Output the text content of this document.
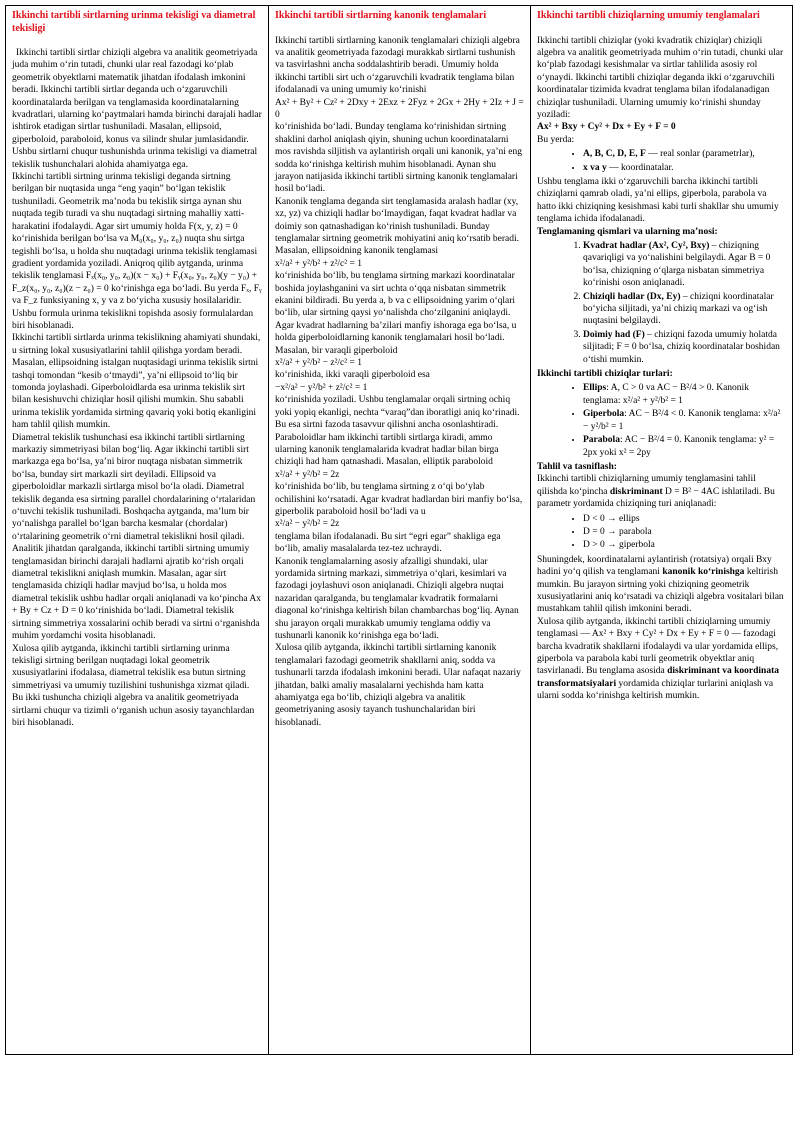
Ikkinchi tartibli sirtlarning urinma tekisligi va diametral tekisligi

Ikkinchi tartibli sirtlar chiziqli algebra va analitik geometriyada juda muhim oʻrin tutadi, chunki ular real fazodagi koʻplab geometrik obyektlarni matematik jihatdan ifodalash imkonini beradi. Ikkinchi tartibli sirtlar deganda uch oʻzgaruvchili koordinatalarda berilgan va tenglamasida koordinatalarning kvadratlari, ularning koʻpaytmalari hamda birinchi darajali hadlar ishtirok etadigan sirtlar tushuniladi. Masalan, ellipsoid, giperboloid, paraboloid, konus va silindr shular jumlasidandir. Ushbu sirtlarni chuqur tushunishda urinma tekisligi va diametral tekislik tushunchalari alohida ahamiyatga ega.

Ikkinchi tartibli sirtning urinma tekisligi deganda sirtning berilgan bir nuqtasida unga “eng yaqin” boʻlgan tekislik tushuniladi. Geometrik maʼnoda bu tekislik sirtga aynan shu nuqtada tegib turadi va shu nuqtadagi sirtning mahalliy xatti-harakatini ifodalaydi. Agar sirt umumiy holda F(x, y, z) = 0 koʻrinishida berilgan boʻlsa va M₀(x₀, y₀, z₀) nuqta shu sirtga tegishli boʻlsa, u holda shu nuqtadagi urinma tekislik tenglamasi gradient yordamida yoziladi. Aniqroq qilib aytganda, urinma tekislik tenglamasi Fₓ(x₀, y₀, z₀)(x − x₀) + Fᵧ(x₀, y₀, z₀)(y − y₀) + F_z(x₀, y₀, z₀)(z − z₀) = 0 koʻrinishga ega boʻladi. Bu yerda Fₓ, Fᵧ va F_z funksiyaning x, y va z boʻyicha xususiy hosilalaridir. Ushbu formula urinma tekislikni topishda asosiy formulalardan biri hisoblanadi.

Ikkinchi tartibli sirtlarda urinma tekislikning ahamiyati shundaki, u sirtning lokal xususiyatlarini tahlil qilishga yordam beradi. Masalan, ellipsoidning istalgan nuqtasidagi urinma tekislik sirtni tashqi tomondan “kesib oʻtmaydi”, yaʼni ellipsoid toʻliq bir tomonda joylashadi. Giperboloidlarda esa urinma tekislik sirt bilan kesishuvchi chiziqlar hosil qilishi mumkin. Shu sababli urinma tekislik yordamida sirtning qavariq yoki botiq ekanligini ham tahlil qilish mumkin.

Diametral tekislik tushunchasi esa ikkinchi tartibli sirtlarning markaziy simmetriyasi bilan bogʻliq. Agar ikkinchi tartibli sirt markazga ega boʻlsa, yaʼni biror nuqtaga nisbatan simmetrik boʻlsa, bunday sirt markazli sirt deyiladi. Ellipsoid va giperboloidlar markazli sirtlarga misol boʻla oladi. Diametral tekislik deganda esa sirtning parallel chordalarining oʻrtalaridan oʻtuvchi tekislik tushuniladi. Boshqacha aytganda, maʼlum bir yoʻnalishga parallel boʻlgan barcha kesmalar (chordalar) oʻrtalarining geometrik oʻrni diametral tekislikni hosil qiladi.

Analitik jihatdan qaralganda, ikkinchi tartibli sirtning umumiy tenglamasidan birinchi darajali hadlarni ajratib koʻrish orqali diametral tekislikni aniqlash mumkin. Masalan, agar sirt tenglamasida chiziqli hadlar mavjud boʻlsa, u holda mos diametral tekislik ushbu hadlar orqali aniqlanadi va koʻpincha Ax + By + Cz + D = 0 koʻrinishida boʻladi. Diametral tekislik sirtning simmetriya xossalarini ochib beradi va sirtni oʻrganishda muhim yordamchi vosita hisoblanadi.

Xulosa qilib aytganda, ikkinchi tartibli sirtlarning urinma tekisligi sirtning berilgan nuqtadagi lokal geometrik xususiyatlarini ifodalasa, diametral tekislik esa butun sirtning simmetriyasi va umumiy tuzilishini tushunishga xizmat qiladi. Bu ikki tushuncha chiziqli algebra va analitik geometriyada sirtlarni chuqur va tizimli oʻrganish uchun asosiy tayanchlardan biri hisoblanadi.

Ikkinchi tartibli sirtlarning kanonik tenglamalari

Ikkinchi tartibli sirtlarning kanonik tenglamalari chiziqli algebra va analitik geometriyada fazodagi murakkab sirtlarni tushunish va tasvirlashni ancha soddalashtirib beradi. Umumiy holda ikkinchi tartibli sirt uch oʻzgaruvchili kvadratik tenglama bilan ifodalanadi va uning umumiy koʻrinishi

Ax² + By² + Cz² + 2Dxy + 2Exz + 2Fyz + 2Gx + 2Hy + 2Iz + J = 0

koʻrinishida boʻladi. Bunday tenglama koʻrinishidan sirtning shaklini darhol aniqlash qiyin, shuning uchun koordinatalarni mos ravishda siljitish va aylantirish orqali uni kanonik, yaʼni eng sodda koʻrinishga keltirish muhim hisoblanadi. Aynan shu jarayon natijasida ikkinchi tartibli sirtning kanonik tenglamalari hosil boʻladi.

Kanonik tenglama deganda sirt tenglamasida aralash hadlar (xy, xz, yz) va chiziqli hadlar boʻlmaydigan, faqat kvadrat hadlar va doimiy son qatnashadigan koʻrinish tushuniladi. Bunday tenglamalar sirtning geometrik mohiyatini aniq koʻrsatib beradi. Masalan, ellipsoidning kanonik tenglamasi

x²/a² + y²/b² + z²/c² = 1

koʻrinishida boʻlib, bu tenglama sirtning markazi koordinatalar boshida joylashganini va sirt uchta oʻqqa nisbatan simmetrik ekanini bildiradi. Bu yerda a, b va c ellipsoidning yarim oʻqlari boʻlib, ular sirtning qaysi yoʻnalishda choʻzilganini aniqlaydi.

Agar kvadrat hadlarning baʼzilari manfiy ishoraga ega boʻlsa, u holda giperboloidlarning kanonik tenglamalari hosil boʻladi. Masalan, bir varaqli giperboloid

x²/a² + y²/b² − z²/c² = 1

koʻrinishida, ikki varaqli giperboloid esa

−x²/a² − y²/b² + z²/c² = 1

koʻrinishida yoziladi. Ushbu tenglamalar orqali sirtning ochiq yoki yopiq ekanligi, nechta “varaq”dan iboratligi aniq koʻrinadi. Bu esa sirtni fazoda tasavvur qilishni ancha osonlashtiradi.

Paraboloidlar ham ikkinchi tartibli sirtlarga kiradi, ammo ularning kanonik tenglamalarida kvadrat hadlar bilan birga chiziqli had ham qatnashadi. Masalan, elliptik paraboloid

x²/a² + y²/b² = 2z

koʻrinishida boʻlib, bu tenglama sirtning z oʻqi boʻylab ochilishini koʻrsatadi. Agar kvadrat hadlardan biri manfiy boʻlsa, giperbolik paraboloid hosil boʻladi va u

x²/a² − y²/b² = 2z

tenglama bilan ifodalanadi. Bu sirt “egri egar” shakliga ega boʻlib, amaliy masalalarda tez-tez uchraydi.

Kanonik tenglamalarning asosiy afzalligi shundaki, ular yordamida sirtning markazi, simmetriya oʻqlari, kesimlari va fazodagi joylashuvi oson aniqlanadi. Chiziqli algebra nuqtai nazaridan qaralganda, bu tenglamalar kvadratik formalarni diagonal koʻrinishga keltirish bilan chambarchas bogʻliq. Aynan shu jarayon orqali murakkab umumiy tenglama oddiy va tushunarli kanonik koʻrinishga ega boʻladi.

Xulosa qilib aytganda, ikkinchi tartibli sirtlarning kanonik tenglamalari fazodagi geometrik shakllarni aniq, sodda va tushunarli tarzda ifodalash imkonini beradi. Ular nafaqat nazariy jihatdan, balki amaliy masalalarni yechishda ham katta ahamiyatga ega boʻlib, chiziqli algebra va analitik geometriyaning asosiy tayanch tushunchalaridan biri hisoblanadi.

Ikkinchi tartibli chiziqlarning umumiy tenglamalari

Ikkinchi tartibli chiziqlar (yoki kvadratik chiziqlar) chiziqli algebra va analitik geometriyada muhim oʻrin tutadi, chunki ular koʻplab fazodagi kesishmalar va sirtlar tahlilida asosiy rol oʻynaydi. Ikkinchi tartibli chiziqlar deganda ikki oʻzgaruvchili koordinatalar tizimida kvadrat tenglama bilan ifodalanadigan chiziqlar tushuniladi. Ularning umumiy koʻrinishi shunday yoziladi:

Ax² + Bxy + Cy² + Dx + Ey + F = 0

Bu yerda:

• A, B, C, D, E, F — real sonlar (parametrlar),
• x va y — koordinatalar.

Ushbu tenglama ikki oʻzgaruvchili barcha ikkinchi tartibli chiziqlarni qamrab oladi, yaʼni ellips, giperbola, parabola va hatto ikki chiziqning kesishmasi kabi turli shakllar shu umumiy tenglama ichida ifodalanadi.

Tenglamaning qismlari va ularning maʼnosi:

1. Kvadrat hadlar (Ax², Cy², Bxy) – chiziqning qavariqligi va yoʻnalishini belgilaydi. Agar B = 0 boʻlsa, chiziqning oʻqlarga nisbatan simmetriya koʻrinishi oson aniqlanadi.
2. Chiziqli hadlar (Dx, Ey) – chiziqni koordinatalar boʻyicha siljitadi, yaʼni chiziq markazi va ogʻish nuqtasini belgilaydi.
3. Doimiy had (F) – chiziqni fazoda umumiy holatda siljitadi; F = 0 boʻlsa, chiziq koordinatalar boshidan oʻtishi mumkin.

Ikkinchi tartibli chiziqlar turlari:

• Ellips: A, C > 0 va AC − B²/4 > 0. Kanonik tenglama: x²/a² + y²/b² = 1
• Giperbola: AC − B²/4 < 0. Kanonik tenglama: x²/a² − y²/b² = 1
• Parabola: AC − B²/4 = 0. Kanonik tenglama: y² = 2px yoki x² = 2py

Tahlil va tasniflash:

Ikkinchi tartibli chiziqlarning umumiy tenglamasini tahlil qilishda koʻpincha diskriminant D = B² − 4AC ishlatiladi. Bu parametr yordamida chiziqning turi aniqlanadi:

• D < 0 → ellips
• D = 0 → parabola
• D > 0 → giperbola

Shuningdek, koordinatalarni aylantirish (rotatsiya) orqali Bxy hadini yoʻq qilish va tenglamani kanonik koʻrinishga keltirish mumkin. Bu jarayon sirtning yoki chiziqning geometrik xususiyatlarini aniq koʻrsatadi va chiziqli algebra vositalari bilan mustahkam tahlil qilish imkonini beradi.

Xulosa qilib aytganda, ikkinchi tartibli chiziqlarning umumiy tenglamasi — Ax² + Bxy + Cy² + Dx + Ey + F = 0 — fazodagi barcha kvadratik shakllarni ifodalaydi va ular yordamida ellips, giperbola va parabola kabi turli geometrik obyektlar aniq tasvirlanadi. Bu tenglama asosida diskriminant va koordinata transformatsiyalari yordamida chiziqlar turlarini aniqlash va ularni sodda koʻrinishga keltirish mumkin.
